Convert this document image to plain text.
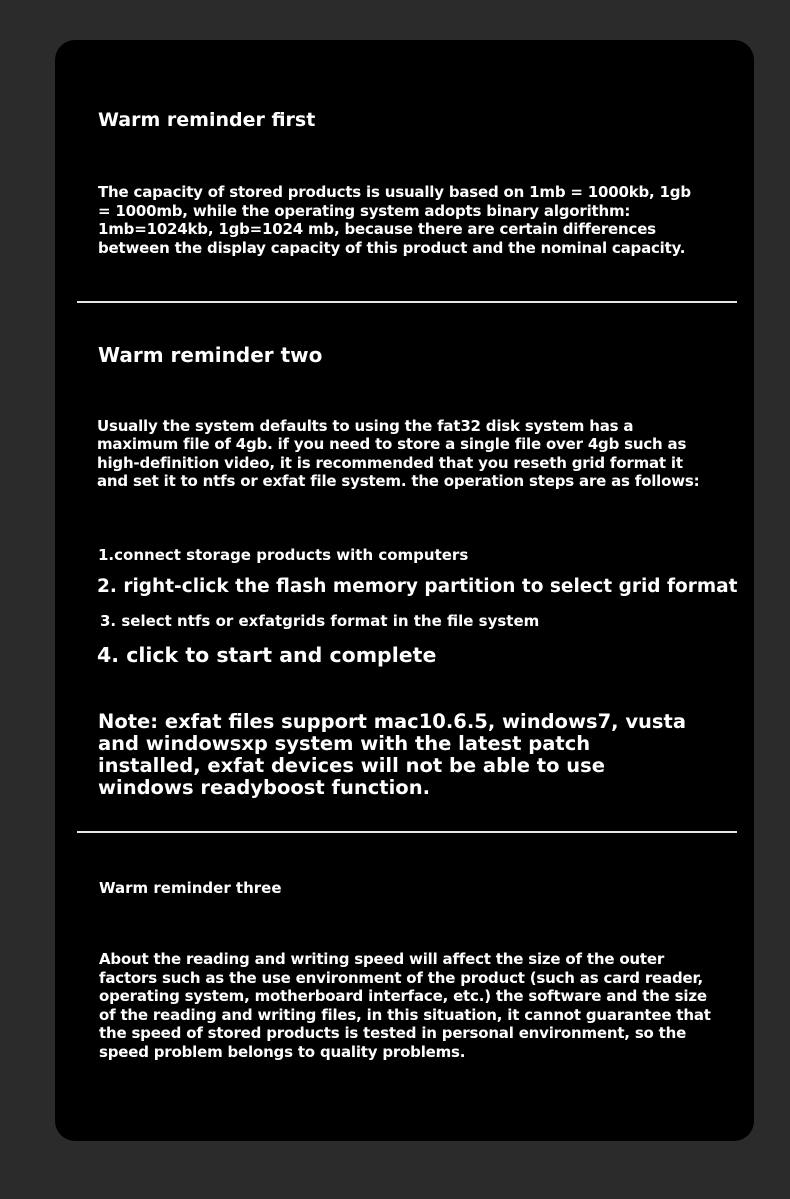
Warm reminder first

The capacity of stored products is usually based on 1mb = 1000kb, 1gb = 1000mb, while the operating system adopts binary algorithm: 1mb=1024kb, 1gb=1024 mb, because there are certain differences between the display capacity of this product and the nominal capacity.

Warm reminder two

Usually the system defaults to using the fat32 disk system has a maximum file of 4gb. if you need to store a single file over 4gb such as high-definition video, it is recommended that you reseth grid format it and set it to ntfs or exfat file system. the operation steps are as follows:

1.connect storage products with computers
2. right-click the flash memory partition to select grid format
3. select ntfs or exfatgrids format in the file system
4. click to start and complete

Note: exfat files support mac10.6.5, windows7, vusta and windowsxp system with the latest patch installed, exfat devices will not be able to use windows readyboost function.

Warm reminder three

About the reading and writing speed will affect the size of the outer factors such as the use environment of the product (such as card reader, operating system, motherboard interface, etc.) the software and the size of the reading and writing files, in this situation, it cannot guarantee that the speed of stored products is tested in personal environment, so the speed problem belongs to quality problems.
